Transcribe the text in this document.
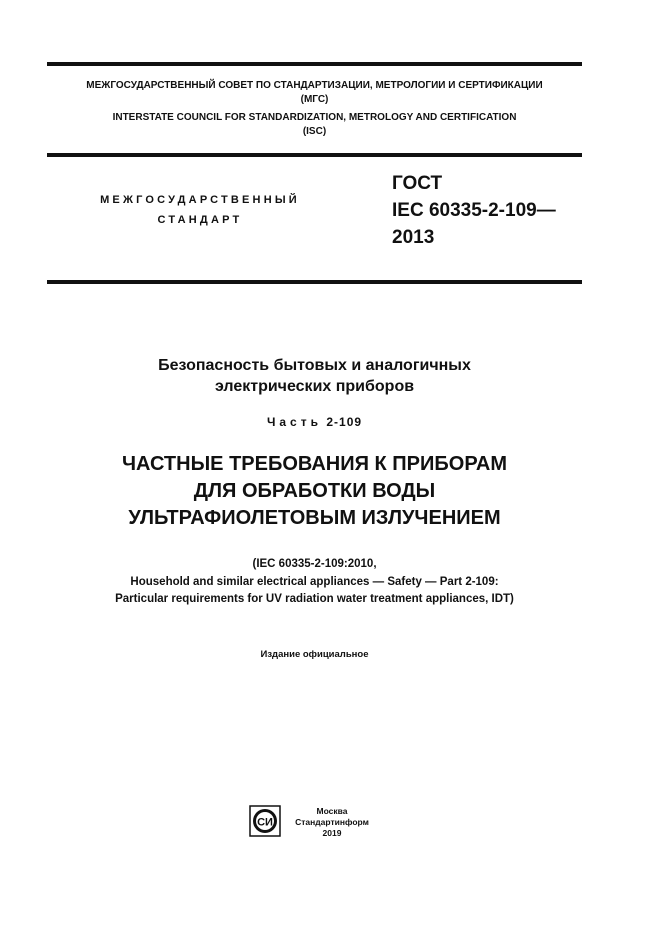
МЕЖГОСУДАРСТВЕННЫЙ СОВЕТ ПО СТАНДАРТИЗАЦИИ, МЕТРОЛОГИИ И СЕРТИФИКАЦИИ
(МГС)
INTERSTATE COUNCIL FOR STANDARDIZATION, METROLOGY AND CERTIFICATION
(ISC)
МЕЖГОСУДАРСТВЕННЫЙ
СТАНДАРТ
ГОСТ
IEC 60335-2-109—
2013
Безопасность бытовых и аналогичных
электрических приборов
Часть 2-109
ЧАСТНЫЕ ТРЕБОВАНИЯ К ПРИБОРАМ
ДЛЯ ОБРАБОТКИ ВОДЫ
УЛЬТРАФИОЛЕТОВЫМ ИЗЛУЧЕНИЕМ
(IEC 60335-2-109:2010,
Household and similar electrical appliances — Safety — Part 2-109:
Particular requirements for UV radiation water treatment appliances, IDT)
Издание официальное
СИ
Москва
Стандартинформ
2019
